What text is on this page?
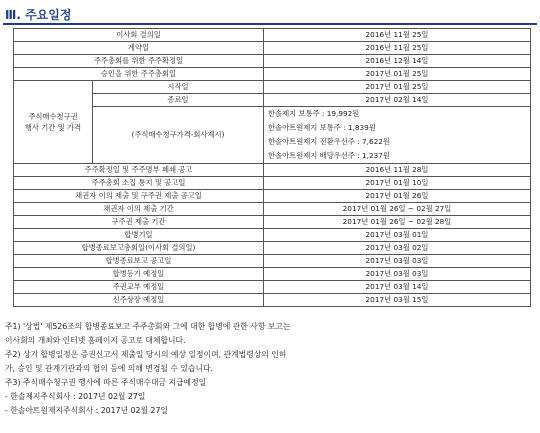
Ⅲ. 주요일정
이사회 결의일		2016년 11월 25일
계약일		2016년 11월 25일
주주총회를 위한 주주확정일		2016년 12월 14일
승인을 위한 주주총회일		2017년 01월 25일

주식매수청구권
행사 기간 및 가격	시작일	2017년 01월 25일
	종료일	2017년 02월 14일
	(주식매수청구가격-회사제시)	한솔제지 보통주 : 19,992원
한솔아트원제지 보통주 : 1,839원
한솔아트원제지 전환우선주 : 7,622원
한솔아트원제지 배당우선주 : 1,237원

주주확정일 및 주주명부 폐쇄 공고		2016년 11월 28일
주주총회 소집 통지 및 공고일		2017년 01월 10일
채권자 이의 제출 및 구주권 제출 공고일		2017년 01월 26일
채권자 이의 제출 기간		2017년 01월 26일 ~ 02월 27일
구주권 제출 기간		2017년 01월 26일 ~ 02월 28일
합병기일		2017년 03월 01일
합병종료보고총회일(이사회 결의일)		2017년 03월 02일
합병종료보고 공고일		2017년 03월 03일
합병등기 예정일		2017년 03월 03일
주권교부 예정일		2017년 03월 14일
신주상장 예정일		2017년 03월 15일
주1) '상법' 제526조의 합병종료보고 주주총회와 그에 대한 합병에 관한 사항 보고는
이사회의 개최와 인터넷 홈페이지 공고로 대체합니다.
주2) 상기 합병일정은 증권신고서 제출일 당시의 예상 일정이며, 관계법령상의 인허
가, 승인 및 관계기관과의 협의 등에 의해 변경될 수 있습니다.
주3) 주식매수청구권 행사에 따른 주식매수대금 지급예정일
- 한솔제지주식회사 : 2017년 02월 27일
- 한솔아트원제지주식회사 : 2017년 02월 27일
